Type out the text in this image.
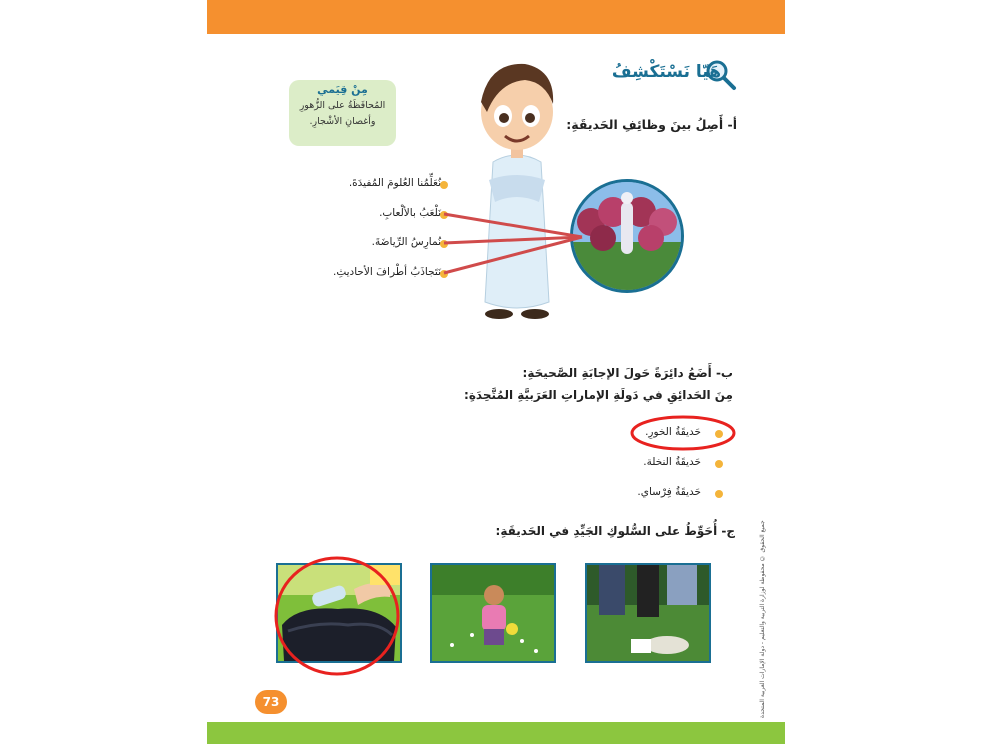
هَيّا نَسْتَكْشِفُ
أ- أَصِلُ بينَ وظائِفِ الحَديقَةِ:
مِنْ قِيَمي
المُحافَظَةُ على الزُّهورِ
وأغصانِ الأشْجارِ.
نُعَلِّمُنا العُلومَ المُفيدَةَ.
نَلْعَبُ بالألْعابِ.
نُمارِسُ الرِّياضَةَ.
نَتَجاذَبُ أطْرافَ الأحاديثِ.
ب- أَضَعُ دائِرَةً حَولَ الإجابَةِ الصَّحيحَةِ:
مِنَ الحَدائِقِ في دَولَةِ الإماراتِ العَرَبيَّةِ المُتَّحِدَةِ:
حَديقَةُ الخورِ.
حَديقَةُ النخلة.
حَديقَةُ فِرْساي.
ج- أُحَوِّطُ على السُّلوكِ الجَيِّدِ في الحَديقَةِ:	جميع الحقوق © محفوظة لوزارة التربية والتعليم - دولة الإمارات العربية المتحدة
73
